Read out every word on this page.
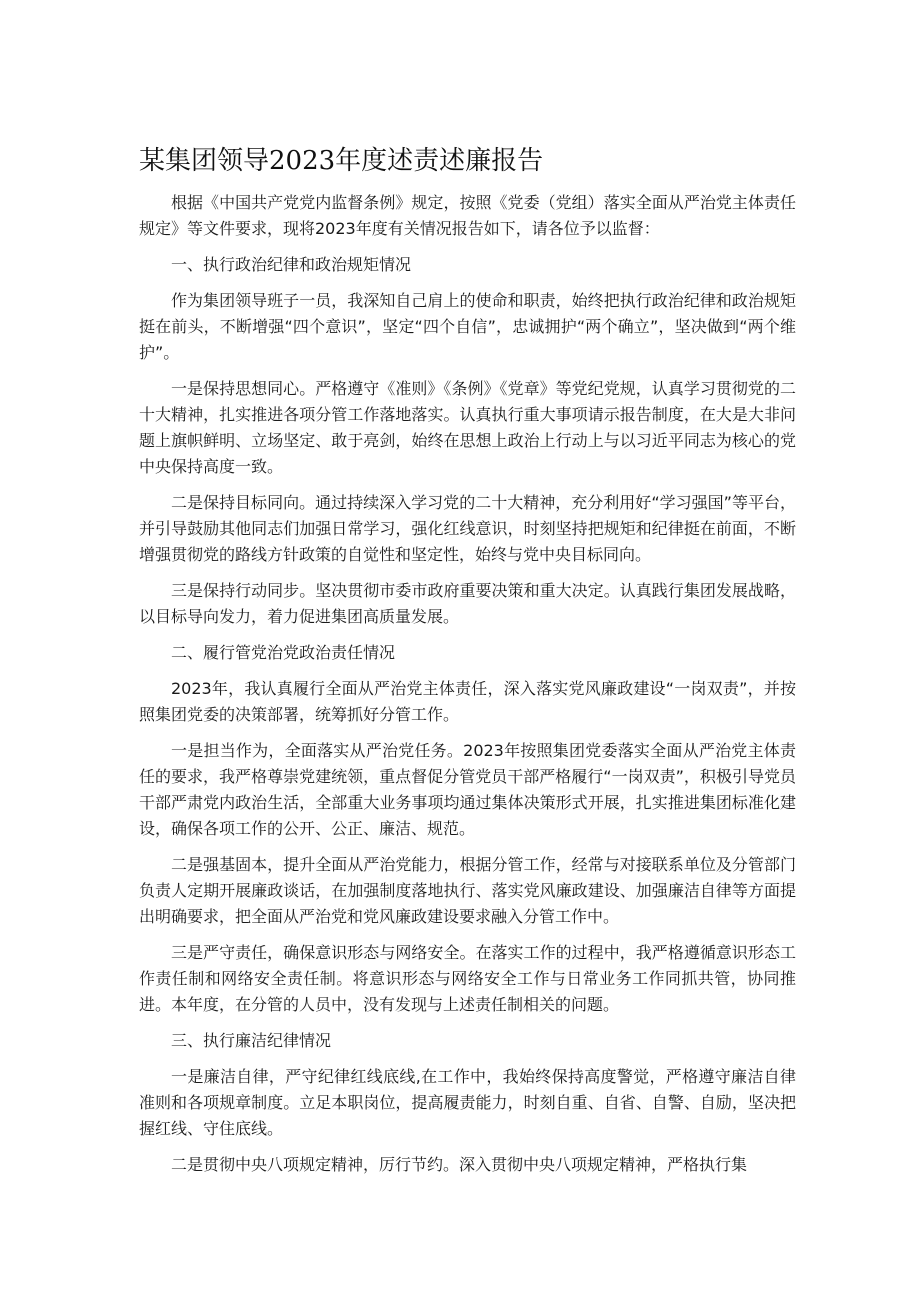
某集团领导2023年度述责述廉报告

根据《中国共产党党内监督条例》规定，按照《党委（党组）落实全面从严治党主体责任规定》等文件要求，现将2023年度有关情况报告如下，请各位予以监督：

一、执行政治纪律和政治规矩情况

作为集团领导班子一员，我深知自己肩上的使命和职责，始终把执行政治纪律和政治规矩挺在前头，不断增强“四个意识”，坚定“四个自信”，忠诚拥护“两个确立”，坚决做到“两个维护”。

一是保持思想同心。严格遵守《准则》《条例》《党章》等党纪党规，认真学习贯彻党的二十大精神，扎实推进各项分管工作落地落实。认真执行重大事项请示报告制度，在大是大非问题上旗帜鲜明、立场坚定、敢于亮剑，始终在思想上政治上行动上与以习近平同志为核心的党中央保持高度一致。

二是保持目标同向。通过持续深入学习党的二十大精神，充分利用好“学习强国”等平台，并引导鼓励其他同志们加强日常学习，强化红线意识，时刻坚持把规矩和纪律挺在前面，不断增强贯彻党的路线方针政策的自觉性和坚定性，始终与党中央目标同向。

三是保持行动同步。坚决贯彻市委市政府重要决策和重大决定。认真践行集团发展战略，以目标导向发力，着力促进集团高质量发展。

二、履行管党治党政治责任情况

2023年，我认真履行全面从严治党主体责任，深入落实党风廉政建设“一岗双责”，并按照集团党委的决策部署，统筹抓好分管工作。

一是担当作为，全面落实从严治党任务。2023年按照集团党委落实全面从严治党主体责任的要求，我严格尊崇党建统领，重点督促分管党员干部严格履行“一岗双责”，积极引导党员干部严肃党内政治生活，全部重大业务事项均通过集体决策形式开展，扎实推进集团标准化建设，确保各项工作的公开、公正、廉洁、规范。

二是强基固本，提升全面从严治党能力，根据分管工作，经常与对接联系单位及分管部门负责人定期开展廉政谈话，在加强制度落地执行、落实党风廉政建设、加强廉洁自律等方面提出明确要求，把全面从严治党和党风廉政建设要求融入分管工作中。

三是严守责任，确保意识形态与网络安全。在落实工作的过程中，我严格遵循意识形态工作责任制和网络安全责任制。将意识形态与网络安全工作与日常业务工作同抓共管，协同推进。本年度，在分管的人员中，没有发现与上述责任制相关的问题。

三、执行廉洁纪律情况

一是廉洁自律，严守纪律红线底线,在工作中，我始终保持高度警觉，严格遵守廉洁自律准则和各项规章制度。立足本职岗位，提高履责能力，时刻自重、自省、自警、自励，坚决把握红线、守住底线。

二是贯彻中央八项规定精神，厉行节约。深入贯彻中央八项规定精神，严格执行集
